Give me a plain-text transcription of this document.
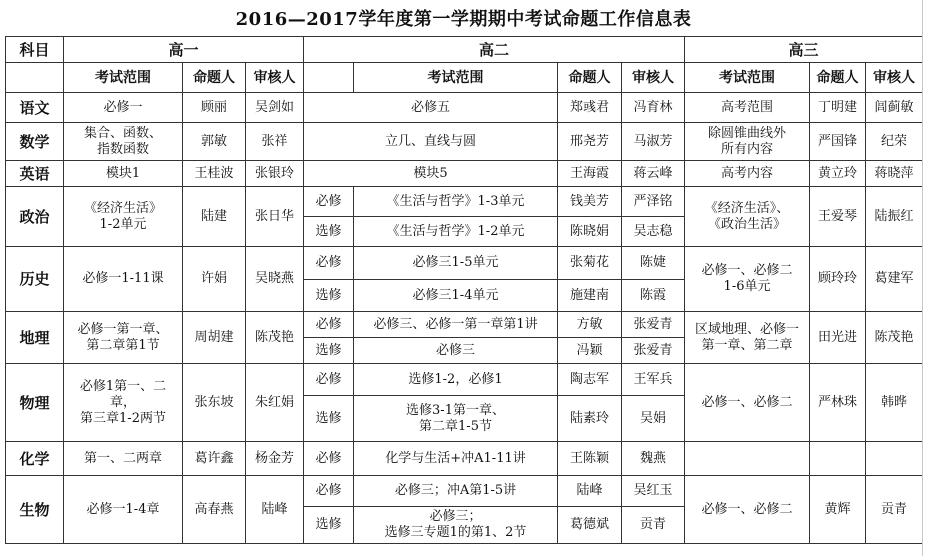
2016—2017学年度第一学期期中考试命题工作信息表
科目	高一			高二				高三		
	考试范围	命题人	审核人		考试范围	命题人	审核人	考试范围	命题人	审核人
语文	必修一	顾丽	吴剑如	必修五		郑彧君	冯育林	高考范围	丁明建	闾蓟敏
数学	集合、函数、
指数函数	郭敏	张祥	立几、直线与圆		邢尧芳	马淑芳	除圆锥曲线外
所有内容	严国锋	纪荣
英语	模块1	王桂波	张银玲	模块5		王海霞	蒋云峰	高考内容	黄立玲	蒋晓萍
政治	《经济生活》
1-2单元	陆建	张日华	必修	《生活与哲学》1-3单元	钱美芳	严泽铭	《经济生活》、
《政治生活》	王爱琴	陆振红
				选修	《生活与哲学》1-2单元	陈晓娟	吴志稳			
历史	必修一1-11课	许娟	吴晓燕	必修	必修三1-5单元	张菊花	陈婕	必修一、必修二
1-6单元	顾玲玲	葛建军
				选修	必修三1-4单元	施建南	陈霞			
地理	必修一第一章、
第二章第1节	周胡建	陈茂艳	必修	必修三、必修一第一章第1讲	方敏	张爱青	区域地理、必修一
第一章、第二章	田光进	陈茂艳
				选修	必修三	冯颖	张爱青			
物理	必修1第一、二
章，
第三章1-2两节	张东坡	朱红娟	必修	选修1-2，必修1	陶志军	王军兵	必修一、必修二	严林珠	韩晔
				选修	选修3-1第一章、
第二章1-5节	陆素玲	吴娟			
化学	第一、二两章	葛许鑫	杨金芳	必修	化学与生活+冲A1-11讲	王陈颖	魏燕			
生物	必修一1-4章	高春燕	陆峰	必修	必修三；冲A第1-5讲	陆峰	吴红玉	必修一、必修二	黄辉	贡青
				选修	必修三；
选修三专题1的第1、2节	葛德斌	贡青			
